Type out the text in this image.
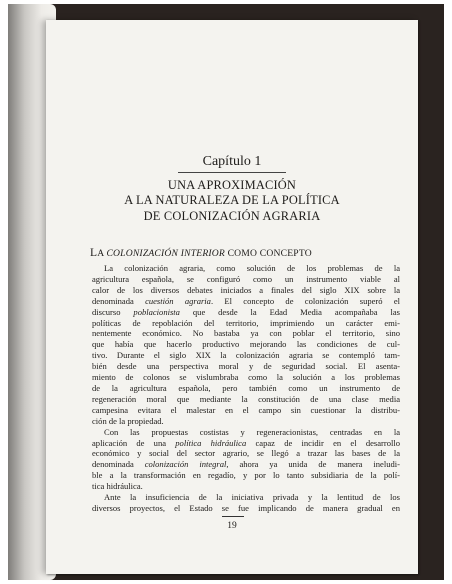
Capítulo 1
UNA APROXIMACIÓN
A LA NATURALEZA DE LA POLÍTICA
DE COLONIZACIÓN AGRARIA
LA COLONIZACIÓN INTERIOR COMO CONCEPTO
La colonización agraria, como solución de los problemas de la
agricultura española, se configuró como un instrumento viable al
calor de los diversos debates iniciados a finales del siglo XIX sobre la
denominada cuestión agraria. El concepto de colonización superó el
discurso poblacionista que desde la Edad Media acompañaba las
políticas de repoblación del territorio, imprimiendo un carácter emi-
nentemente económico. No bastaba ya con poblar el territorio, sino
que había que hacerlo productivo mejorando las condiciones de cul-
tivo. Durante el siglo XIX la colonización agraria se contempló tam-
bién desde una perspectiva moral y de seguridad social. El asenta-
miento de colonos se vislumbraba como la solución a los problemas
de la agricultura española, pero también como un instrumento de
regeneración moral que mediante la constitución de una clase media
campesina evitara el malestar en el campo sin cuestionar la distribu-
ción de la propiedad.
Con las propuestas costistas y regeneracionistas, centradas en la
aplicación de una política hidráulica capaz de incidir en el desarrollo
económico y social del sector agrario, se llegó a trazar las bases de la
denominada colonización integral, ahora ya unida de manera ineludi-
ble a la transformación en regadío, y por lo tanto subsidiaria de la polí-
tica hidráulica.
Ante la insuficiencia de la iniciativa privada y la lentitud de los
diversos proyectos, el Estado se fue implicando de manera gradual en
19
